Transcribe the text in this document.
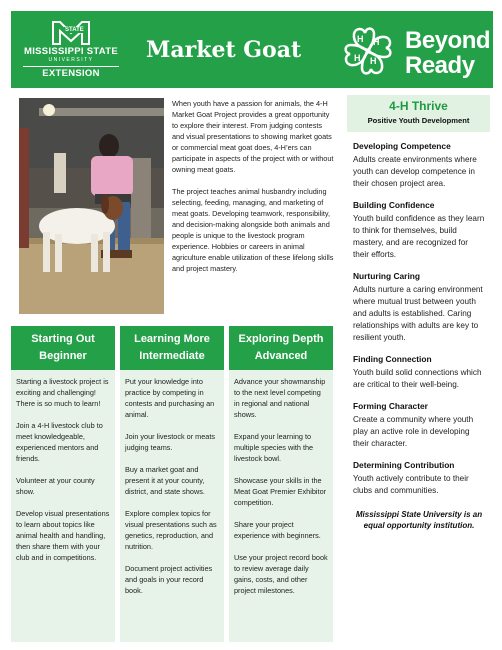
STATE
MISSISSIPPI STATE
UNIVERSITY
EXTENSION
Market Goat	H H
H
H
Beyond
Ready

When youth have a passion for animals, the 4-H Market Goat Project provides a great opportunity to explore their interest. From judging contests and visual presentations to showing market goats or commercial meat goat does, 4-H’ers can participate in aspects of the project with or without owning meat goats.

The project teaches animal husbandry including selecting, feeding, managing, and marketing of meat goats. Developing teamwork, responsibility, and decision-making alongside both animals and people is unique to the livestock program experience. Hobbies or careers in animal agriculture enable utilization of these lifelong skills and project mastery.

4-H Thrive
Positive Youth Development
Developing Competence
Adults create environments where youth can develop competence in their chosen project area.
Building Confidence
Youth build confidence as they learn to think for themselves, build mastery, and are recognized for their efforts.
Nurturing Caring
Adults nurture a caring environment where mutual trust between youth and adults is established. Caring relationships with adults are key to resilient youth.
Finding Connection
Youth build solid connections which are critical to their well-being.
Forming Character
Create a community where youth play an active role in developing their character.
Determining Contribution
Youth actively contribute to their clubs and communities.
Mississippi State University is an equal opportunity institution.
Starting Out
Beginner

Starting a livestock project is exciting and challenging! There is so much to learn!

Join a 4-H livestock club to meet knowledgeable, experienced mentors and friends.

Volunteer at your county show.

Develop visual presentations to learn about topics like animal health and handling, then share them with your club and in competitions.

Learning More
Intermediate

Put your knowledge into practice by competing in contests and purchasing an animal.

Join your livestock or meats judging teams.

Buy a market goat and present it at your county, district, and state shows.

Explore complex topics for visual presentations such as genetics, reproduction, and nutrition.

Document project activities and goals in your record book.

Exploring Depth
Advanced

Advance your showmanship to the next level competing in regional and national shows.

Expand your learning to multiple species with the livestock bowl.

Showcase your skills in the Meat Goat Premier Exhibitor competition.

Share your project experience with beginners.

Use your project record book to review average daily gains, costs, and other project milestones.
